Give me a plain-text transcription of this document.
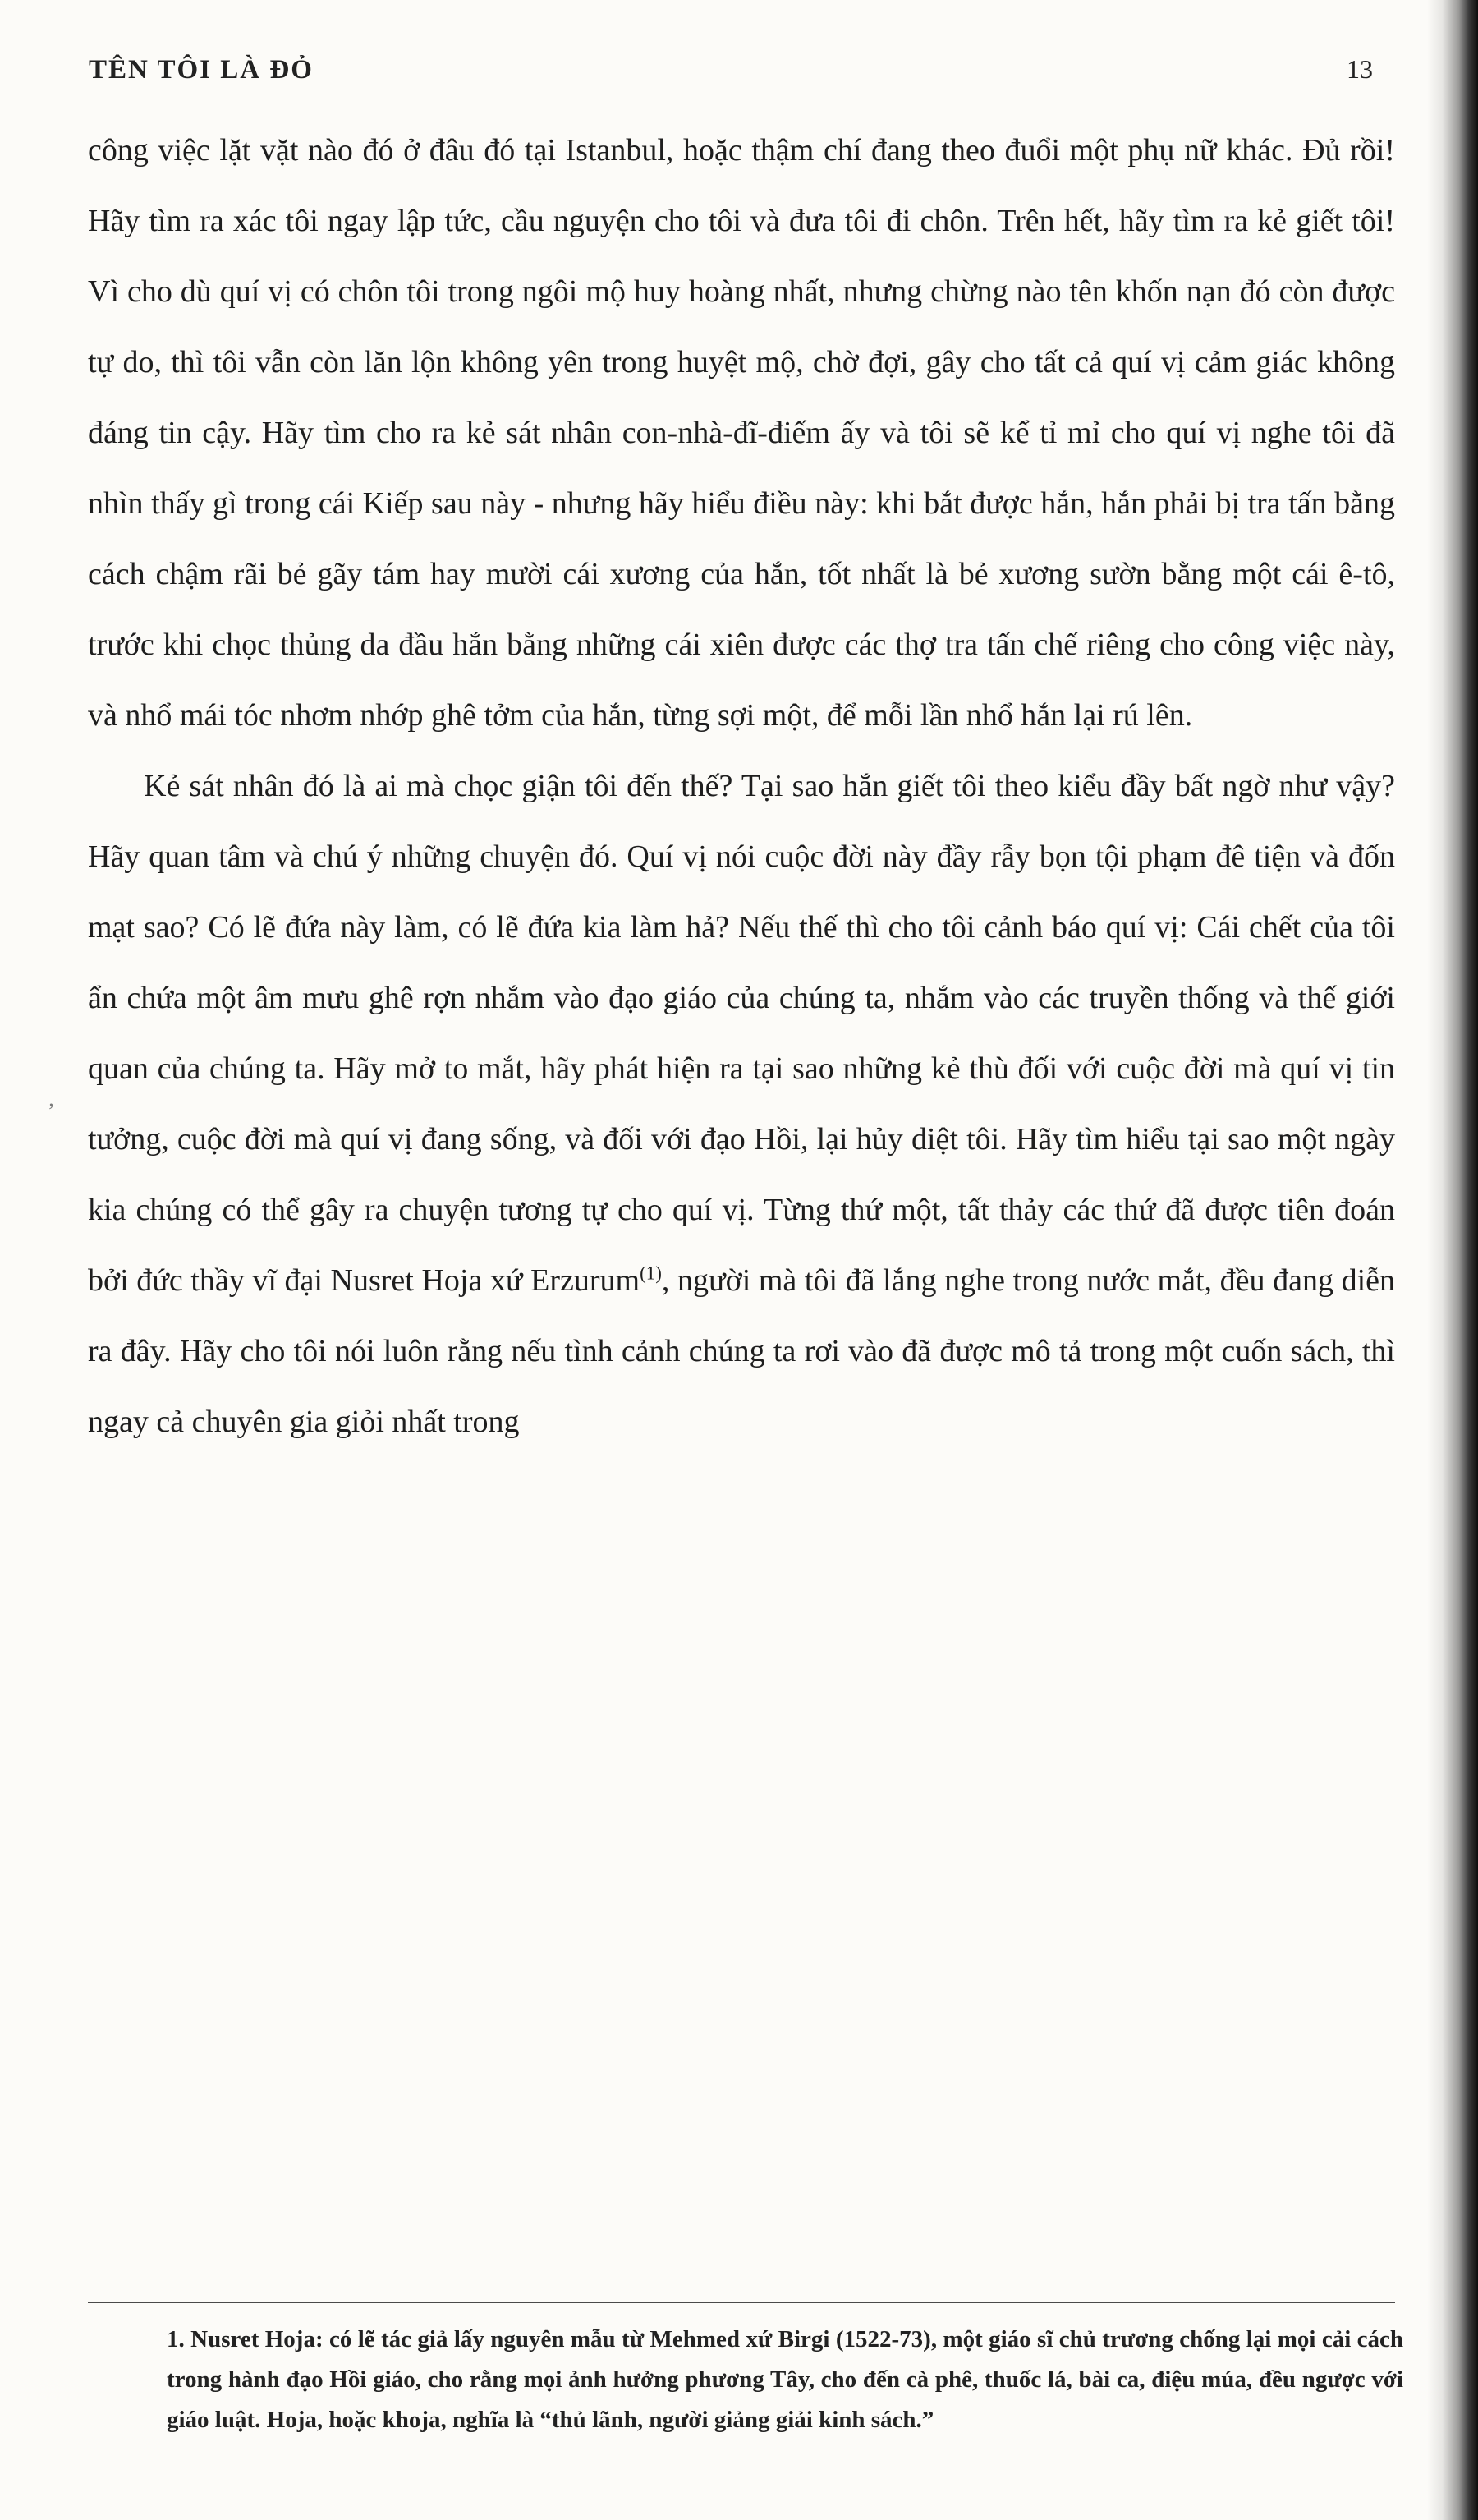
TÊN TÔI LÀ ĐỎ	13

công việc lặt vặt nào đó ở đâu đó tại Istanbul, hoặc thậm chí đang theo đuổi một phụ nữ khác. Đủ rồi! Hãy tìm ra xác tôi ngay lập tức, cầu nguyện cho tôi và đưa tôi đi chôn. Trên hết, hãy tìm ra kẻ giết tôi! Vì cho dù quí vị có chôn tôi trong ngôi mộ huy hoàng nhất, nhưng chừng nào tên khốn nạn đó còn được tự do, thì tôi vẫn còn lăn lộn không yên trong huyệt mộ, chờ đợi, gây cho tất cả quí vị cảm giác không đáng tin cậy. Hãy tìm cho ra kẻ sát nhân con-nhà-đĩ-điếm ấy và tôi sẽ kể tỉ mỉ cho quí vị nghe tôi đã nhìn thấy gì trong cái Kiếp sau này - nhưng hãy hiểu điều này: khi bắt được hắn, hắn phải bị tra tấn bằng cách chậm rãi bẻ gãy tám hay mười cái xương của hắn, tốt nhất là bẻ xương sườn bằng một cái ê-tô, trước khi chọc thủng da đầu hắn bằng những cái xiên được các thợ tra tấn chế riêng cho công việc này, và nhổ mái tóc nhơm nhớp ghê tởm của hắn, từng sợi một, để mỗi lần nhổ hắn lại rú lên.

Kẻ sát nhân đó là ai mà chọc giận tôi đến thế? Tại sao hắn giết tôi theo kiểu đầy bất ngờ như vậy? Hãy quan tâm và chú ý những chuyện đó. Quí vị nói cuộc đời này đầy rẫy bọn tội phạm đê tiện và đốn mạt sao? Có lẽ đứa này làm, có lẽ đứa kia làm hả? Nếu thế thì cho tôi cảnh báo quí vị: Cái chết của tôi ẩn chứa một âm mưu ghê rợn nhắm vào đạo giáo của chúng ta, nhắm vào các truyền thống và thế giới quan của chúng ta. Hãy mở to mắt, hãy phát hiện ra tại sao những kẻ thù đối với cuộc đời mà quí vị tin tưởng, cuộc đời mà quí vị đang sống, và đối với đạo Hồi, lại hủy diệt tôi. Hãy tìm hiểu tại sao một ngày kia chúng có thể gây ra chuyện tương tự cho quí vị. Từng thứ một, tất thảy các thứ đã được tiên đoán bởi đức thầy vĩ đại Nusret Hoja xứ Erzurum$^{(1)}$, người mà tôi đã lắng nghe trong nước mắt, đều đang diễn ra đây. Hãy cho tôi nói luôn rằng nếu tình cảnh chúng ta rơi vào đã được mô tả trong một cuốn sách, thì ngay cả chuyên gia giỏi nhất trong

1. Nusret Hoja: có lẽ tác giả lấy nguyên mẫu từ Mehmed xứ Birgi (1522-73), một giáo sĩ chủ trương chống lại mọi cải cách trong hành đạo Hồi giáo, cho rằng mọi ảnh hưởng phương Tây, cho đến cà phê, thuốc lá, bài ca, điệu múa, đều ngược với giáo luật. Hoja, hoặc khoja, nghĩa là “thủ lãnh, người giảng giải kinh sách.”

’
